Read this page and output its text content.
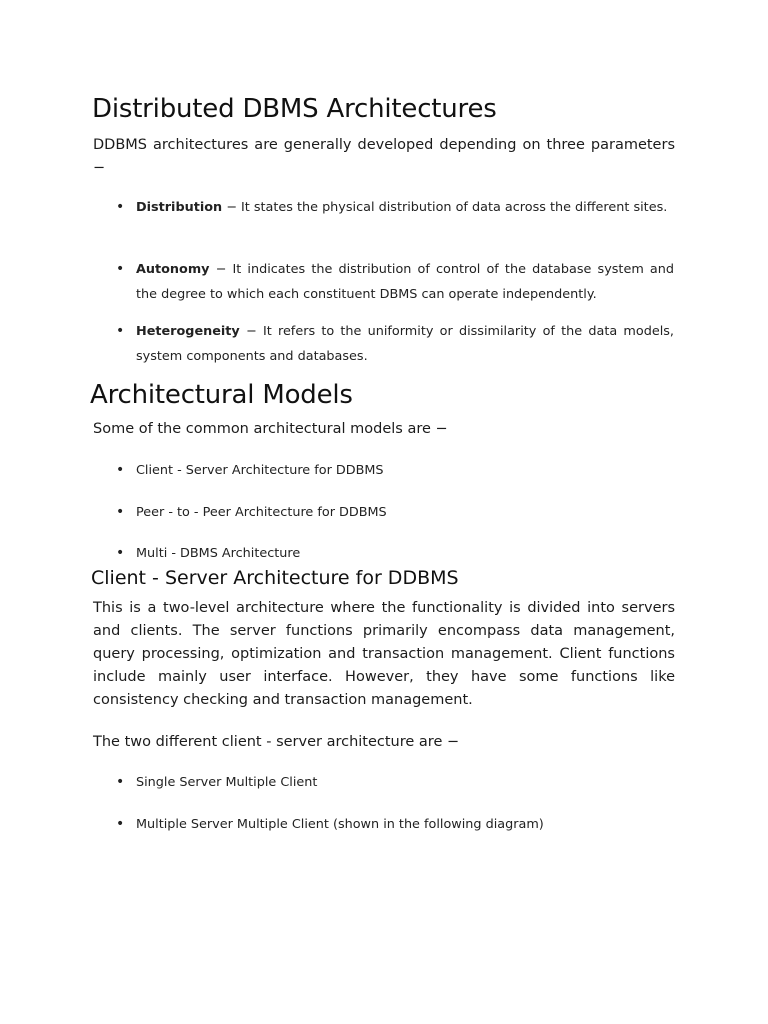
Distributed DBMS Architectures

DDBMS architectures are generally developed depending on three parameters −

• Distribution − It states the physical distribution of data across the different sites.
• Autonomy − It indicates the distribution of control of the database system and the degree to which each constituent DBMS can operate independently.
• Heterogeneity − It refers to the uniformity or dissimilarity of the data models, system components and databases.
Architectural Models

Some of the common architectural models are −

• Client - Server Architecture for DDBMS
• Peer - to - Peer Architecture for DDBMS
• Multi - DBMS Architecture
Client - Server Architecture for DDBMS

This is a two-level architecture where the functionality is divided into servers and clients. The server functions primarily encompass data management, query processing, optimization and transaction management. Client functions include mainly user interface. However, they have some functions like consistency checking and transaction management.

The two different client - server architecture are −

• Single Server Multiple Client
• Multiple Server Multiple Client (shown in the following diagram)
